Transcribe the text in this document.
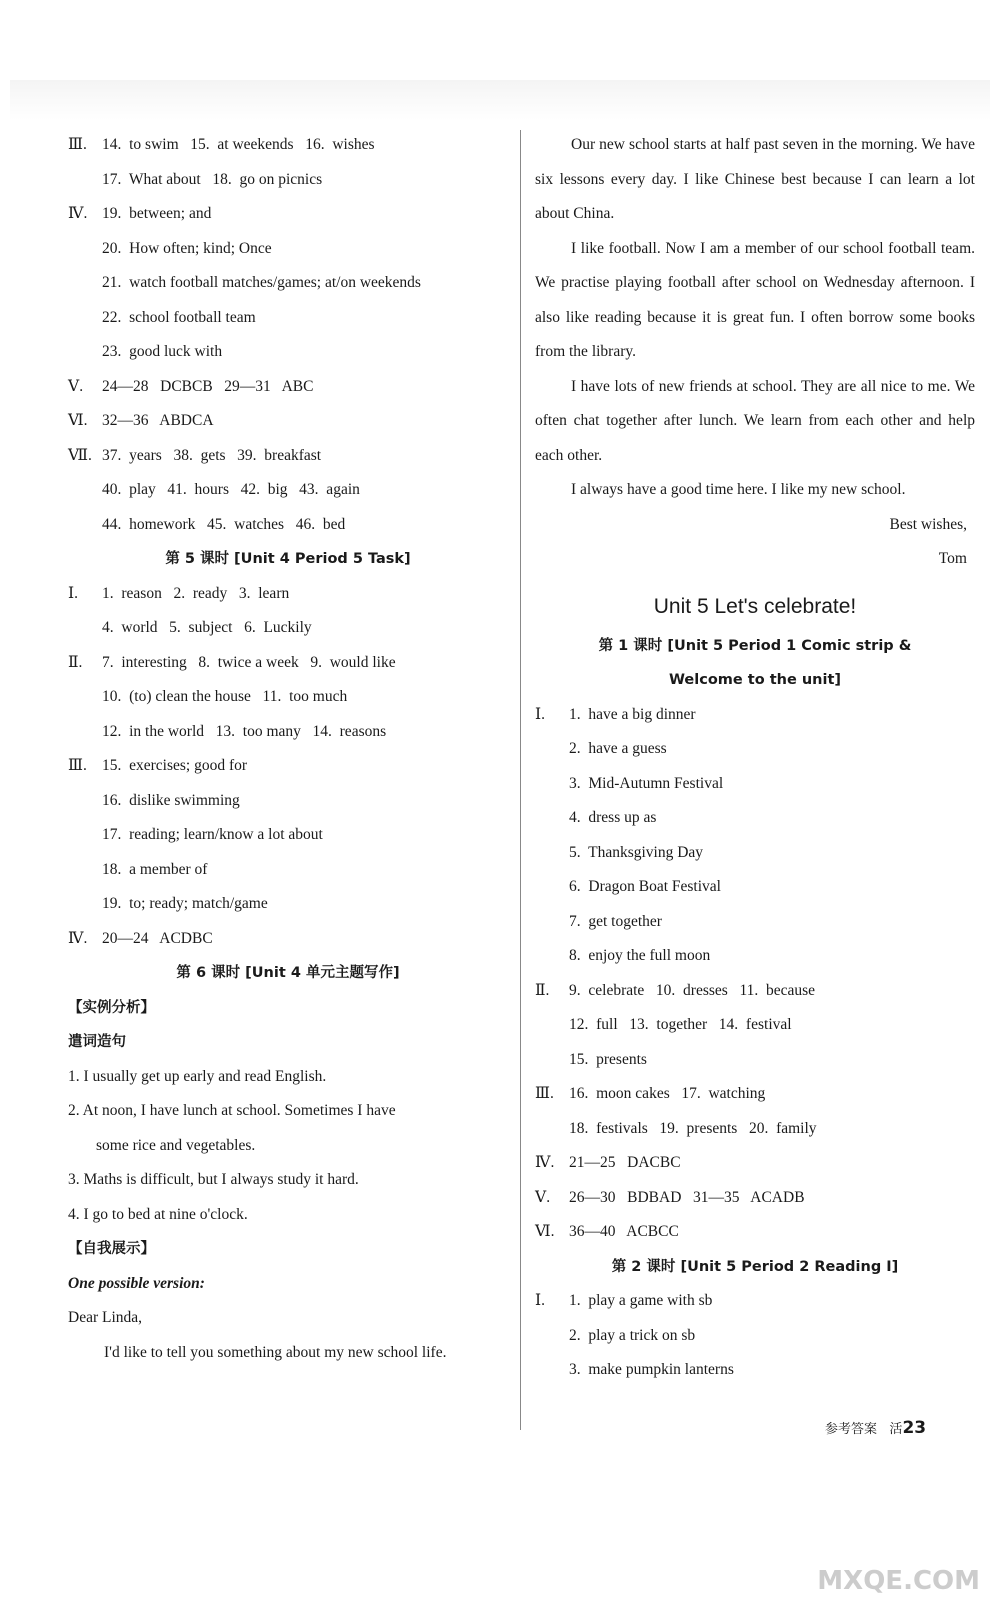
Ⅲ. 14.  to swim   15.  at weekends   16.  wishes
17.  What about   18.  go on picnics
Ⅳ. 19.  between; and
20.  How often; kind; Once
21.  watch football matches/games; at/on weekends
22.  school football team
23.  good luck with
Ⅴ. 24—28   DCBCB   29—31   ABC
Ⅵ. 32—36   ABDCA
Ⅶ. 37.  years   38.  gets   39.  breakfast
40.  play   41.  hours   42.  big   43.  again
44.  homework   45.  watches   46.  bed
第 5 课时 [Unit 4 Period 5 Task]
Ⅰ. 1.  reason   2.  ready   3.  learn
4.  world   5.  subject   6.  Luckily
Ⅱ. 7.  interesting   8.  twice a week   9.  would like
10.  (to) clean the house   11.  too much
12.  in the world   13.  too many   14.  reasons
Ⅲ. 15.  exercises; good for
16.  dislike swimming
17.  reading; learn/know a lot about
18.  a member of
19.  to; ready; match/game
Ⅳ. 20—24   ACDBC
第 6 课时 [Unit 4 单元主题写作]
【实例分析】
遣词造句
1. I usually get up early and read English.
2. At noon, I have lunch at school. Sometimes I have
some rice and vegetables.
3. Maths is difficult, but I always study it hard.
4. I go to bed at nine o'clock.
【自我展示】
One possible version:
Dear Linda,
I'd like to tell you something about my new school life.
Our new school starts at half past seven in the morning. We have six lessons every day. I like Chinese best because I can learn a lot about China.
I like football. Now I am a member of our school football team. We practise playing football after school on Wednesday afternoon. I also like reading because it is great fun. I often borrow some books from the library.
I have lots of new friends at school. They are all nice to me. We often chat together after lunch. We learn from each other and help each other.
I always have a good time here. I like my new school.
Best wishes,
Tom
Unit 5 Let's celebrate!
第 1 课时 [Unit 5 Period 1 Comic strip &
Welcome to the unit]
Ⅰ. 1.  have a big dinner
2.  have a guess
3.  Mid-Autumn Festival
4.  dress up as
5.  Thanksgiving Day
6.  Dragon Boat Festival
7.  get together
8.  enjoy the full moon
Ⅱ. 9.  celebrate   10.  dresses   11.  because
12.  full   13.  together   14.  festival
15.  presents
Ⅲ. 16.  moon cakes   17.  watching
18.  festivals   19.  presents   20.  family
Ⅳ. 21—25   DACBC
Ⅴ. 26—30   BDBAD   31—35   ACADB
Ⅵ. 36—40   ACBCC
第 2 课时 [Unit 5 Period 2 Reading Ⅰ]
Ⅰ. 1.  play a game with sb
2.  play a trick on sb
3.  make pumpkin lanterns
参考答案 活23
MXQE.COM
